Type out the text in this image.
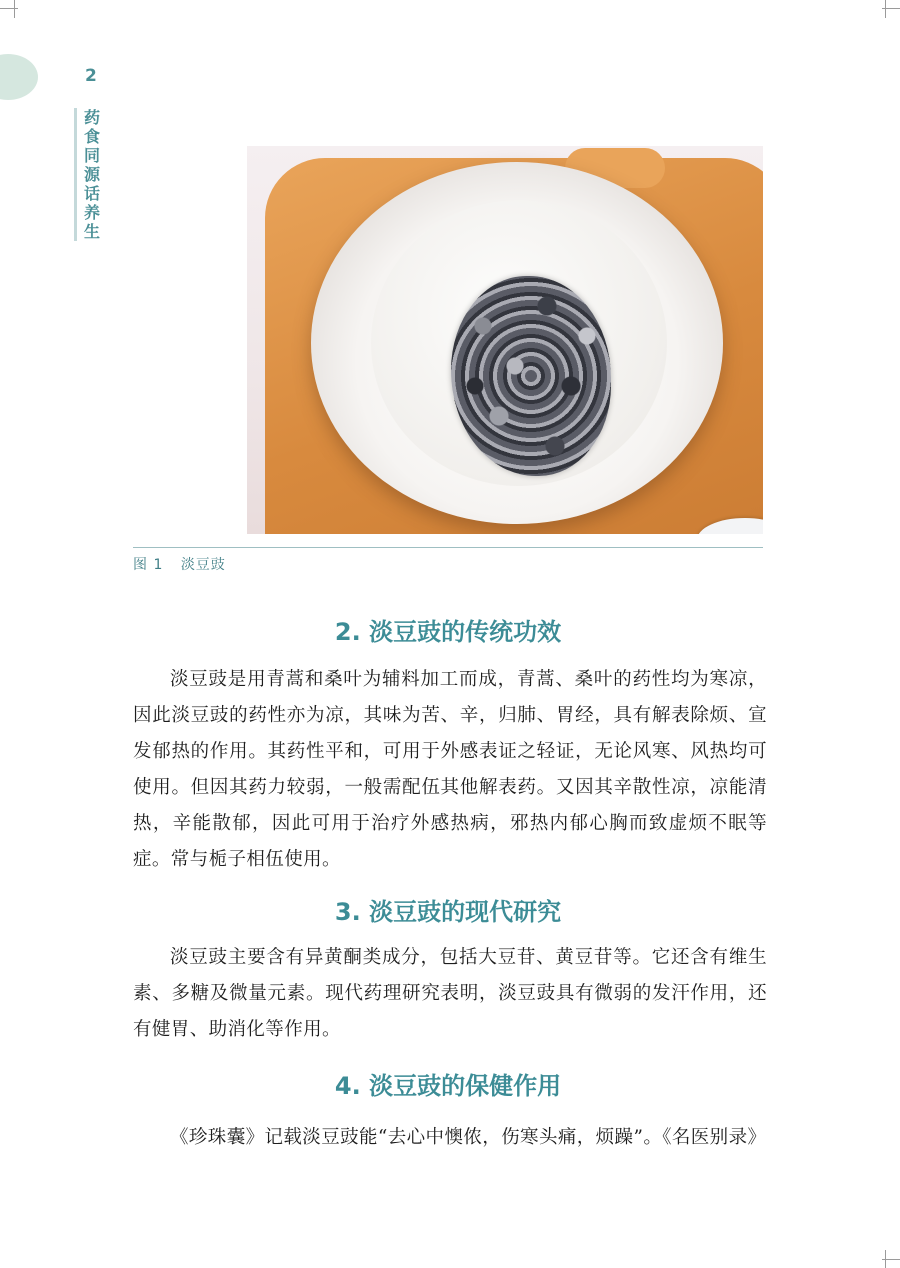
2
药食同源话养生
图 1 淡豆豉
2. 淡豆豉的传统功效

淡豆豉是用青蒿和桑叶为辅料加工而成，青蒿、桑叶的药性均为寒凉，因此淡豆豉的药性亦为凉，其味为苦、辛，归肺、胃经，具有解表除烦、宣发郁热的作用。其药性平和，可用于外感表证之轻证，无论风寒、风热均可使用。但因其药力较弱，一般需配伍其他解表药。又因其辛散性凉，凉能清热，辛能散郁，因此可用于治疗外感热病，邪热内郁心胸而致虚烦不眠等症。常与栀子相伍使用。

3. 淡豆豉的现代研究

淡豆豉主要含有异黄酮类成分，包括大豆苷、黄豆苷等。它还含有维生素、多糖及微量元素。现代药理研究表明，淡豆豉具有微弱的发汗作用，还有健胃、助消化等作用。

4. 淡豆豉的保健作用

《珍珠囊》记载淡豆豉能“去心中懊侬，伤寒头痛，烦躁”。《名医别录》
